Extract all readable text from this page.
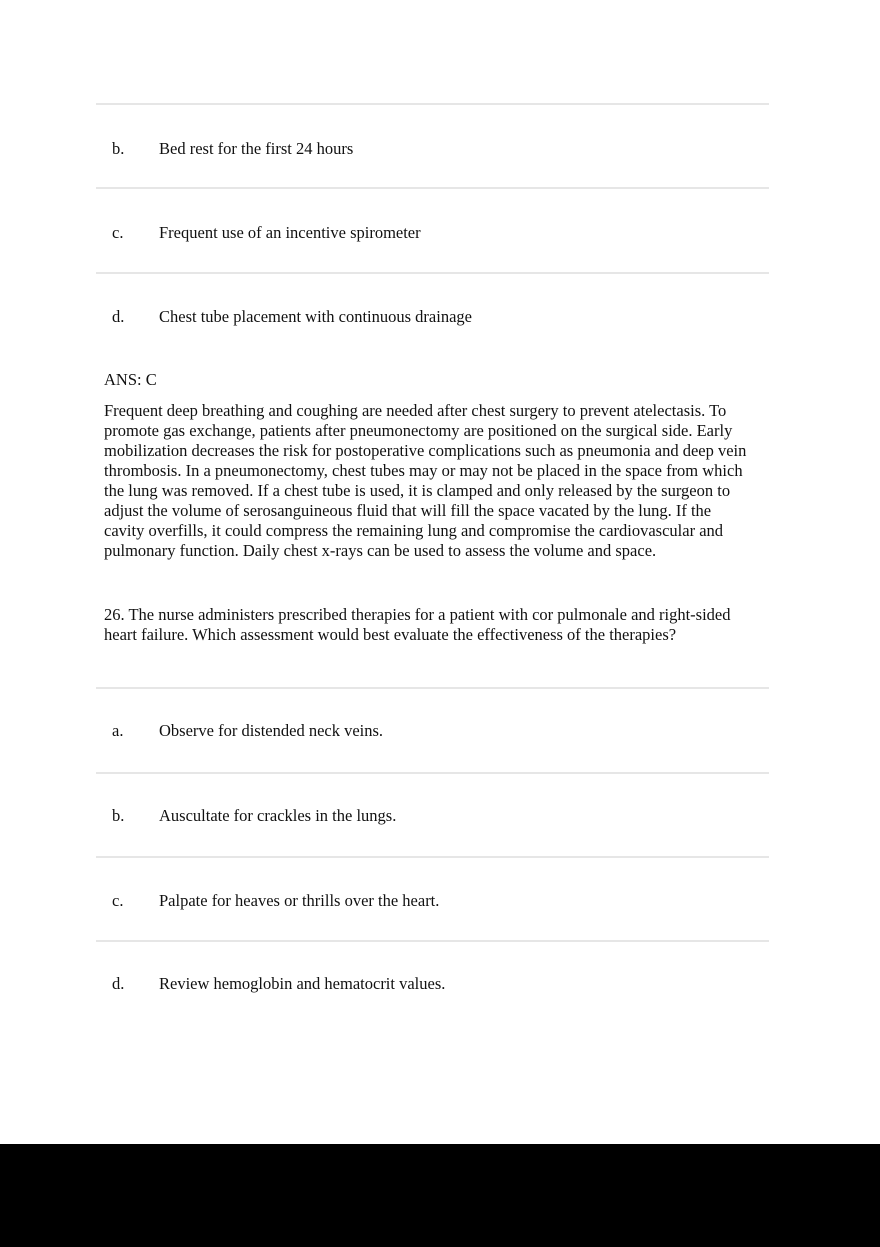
b. Bed rest for the first 24 hours
c. Frequent use of an incentive spirometer
d. Chest tube placement with continuous drainage
ANS: C
Frequent deep breathing and coughing are needed after chest surgery to prevent atelectasis. To
promote gas exchange, patients after pneumonectomy are positioned on the surgical side. Early
mobilization decreases the risk for postoperative complications such as pneumonia and deep vein
thrombosis. In a pneumonectomy, chest tubes may or may not be placed in the space from which
the lung was removed. If a chest tube is used, it is clamped and only released by the surgeon to
adjust the volume of serosanguineous fluid that will fill the space vacated by the lung. If the
cavity overfills, it could compress the remaining lung and compromise the cardiovascular and
pulmonary function. Daily chest x-rays can be used to assess the volume and space.
26. The nurse administers prescribed therapies for a patient with cor pulmonale and right-sided
heart failure. Which assessment would best evaluate the effectiveness of the therapies?
a. Observe for distended neck veins.
b. Auscultate for crackles in the lungs.
c. Palpate for heaves or thrills over the heart.
d. Review hemoglobin and hematocrit values.
